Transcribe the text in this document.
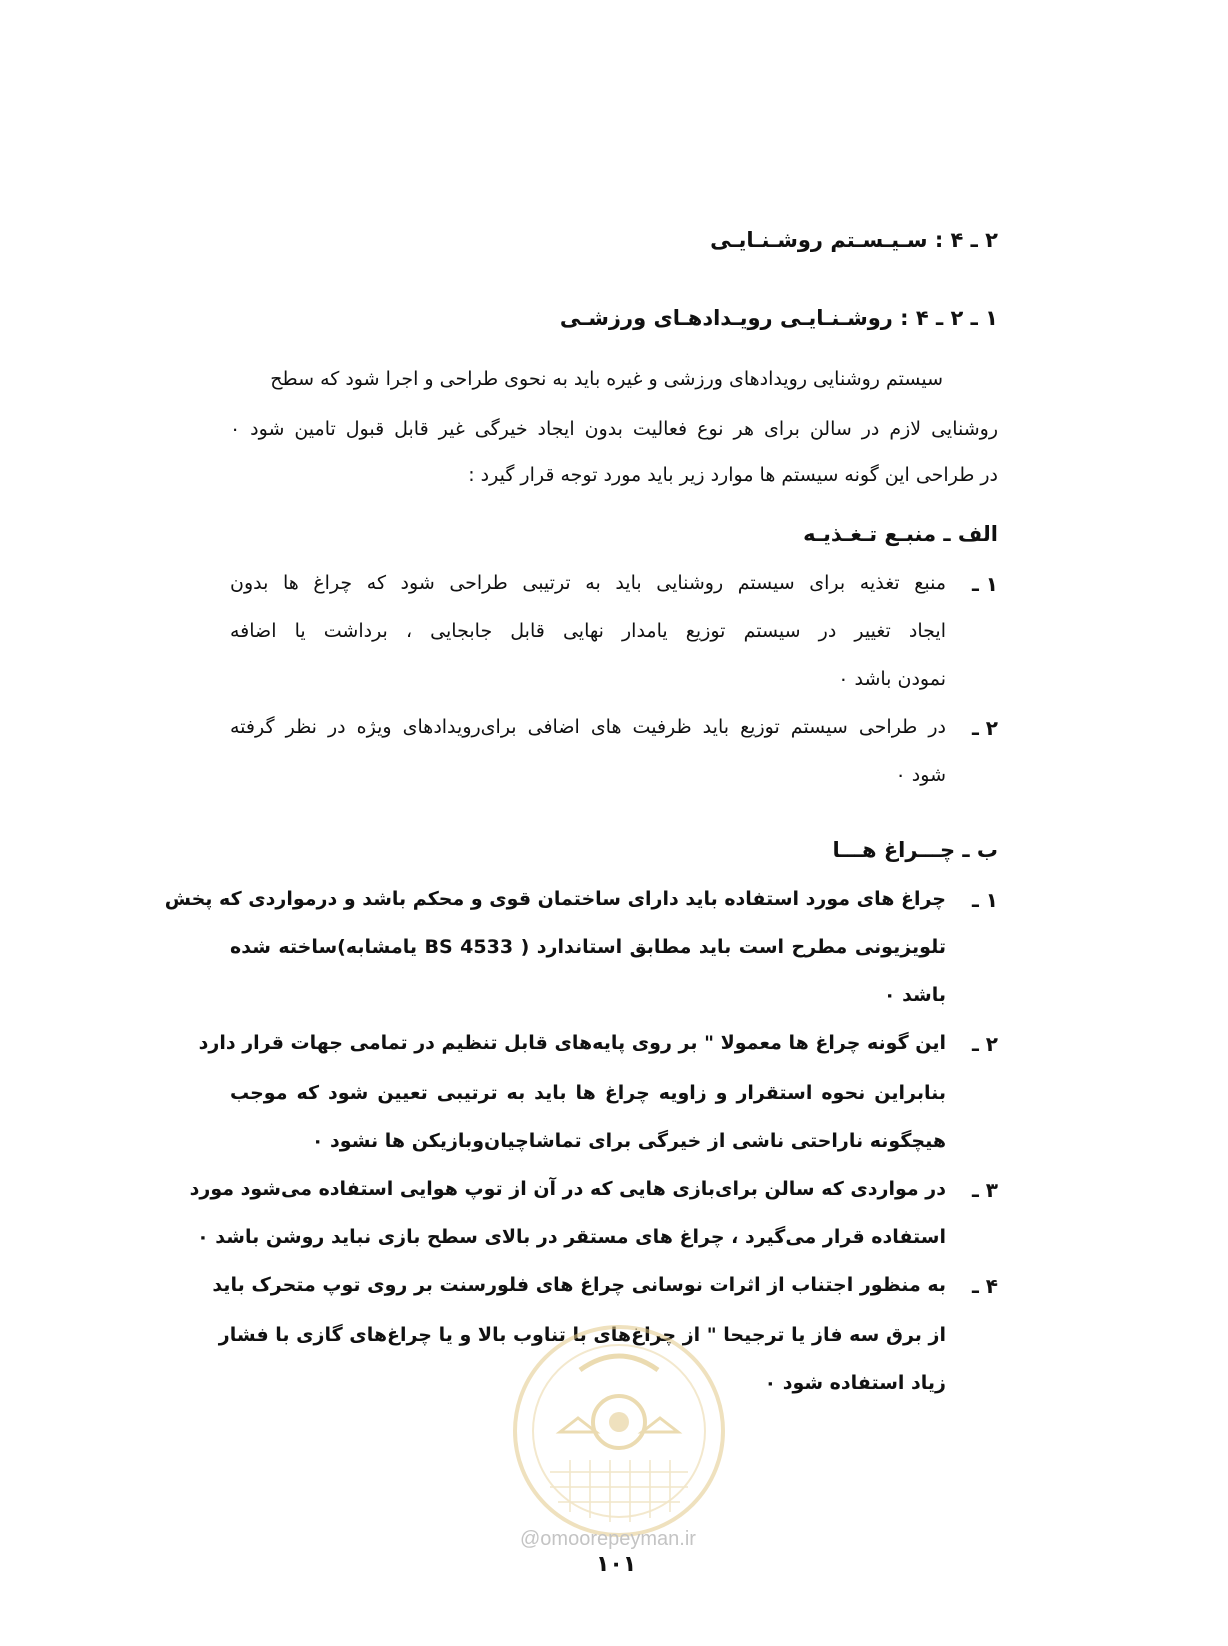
۲ ـ ۴ : سـیـسـتم روشـنـایـی
۱ ـ ۲ ـ ۴ : روشـنـایـی رویـدادهـای ورزشـی
سیستم روشنایی رویدادهای ورزشی و غیره باید به نحوی طراحی و اجرا شود که سطح
روشنایی لازم در سالن برای هر نوع فعالیت بدون ایجاد خیرگی غیر قابل قبول تامین شود ٠
در طراحی این گونه سیستم ها موارد زیر باید مورد توجه قرار گیرد :
الف ـ منبـع تـغـذیـه
۱ ـ
منبع تغذیه برای سیستم روشنایی باید به ترتیبی طراحی شود که چراغ ها بدون
ایجاد تغییر در سیستم توزیع یامدار نهایی قابل جابجایی ، برداشت یا اضافه
نمودن باشد ٠
۲ ـ
در طراحی سیستم توزیع باید ظرفیت های اضافی برای‌رویدادهای ویژه در نظر گرفته
شود ٠
ب ـ چـــراغ هـــا
۱ ـ
چراغ های مورد استفاده باید دارای ساختمان قوی و محکم باشد و درمواردی که پخش
تلویزیونی مطرح است باید مطابق استاندارد ( BS 4533 یامشابه)ساخته شده
باشد ٠
۲ ـ
این گونه چراغ ها معمولا " بر روی پایه‌های قابل تنظیم در تمامی جهات قرار دارد
بنابراین نحوه استقرار و زاویه چراغ ها باید به ترتیبی تعیین شود که موجب
هیچگونه ناراحتی ناشی از خیرگی برای تماشاچیان‌وبازیکن ها نشود ٠
۳ ـ
در مواردی که سالن برای‌بازی هایی که در آن از توپ هوایی استفاده می‌شود مورد
استفاده قرار می‌گیرد ، چراغ های مستقر در بالای سطح بازی نباید روشن باشد ٠
۴ ـ
به منظور اجتناب از اثرات نوسانی چراغ های فلورسنت بر روی توپ متحرک باید
از برق سه فاز یا ترجیحا " از چراغ‌های با تناوب بالا و یا چراغ‌های گازی با فشار
زیاد استفاده شود ٠
@omoorepeyman.ir
۱۰۱
